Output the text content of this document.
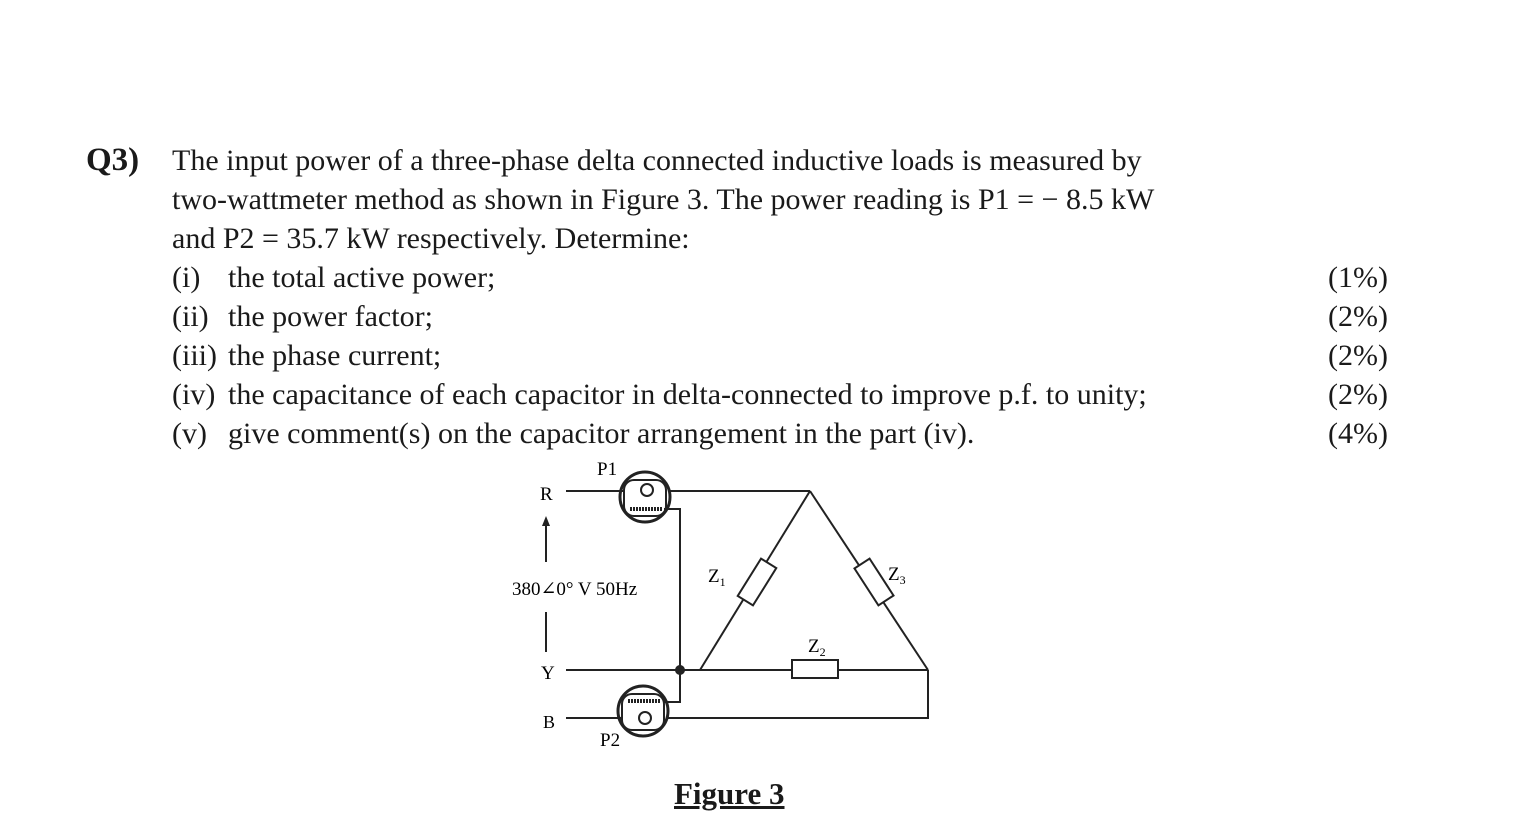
Q3) The input power of a three-phase delta connected inductive loads is measured by
two-wattmeter method as shown in Figure 3. The power reading is P1 = − 8.5 kW
and P2 = 35.7 kW respectively. Determine:
(i) the total active power;	(1%)
(ii) the power factor;	(2%)
(iii) the phase current;	(2%)
(iv) the capacitance of each capacitor in delta-connected to improve p.f. to unity;	(2%)
(v) give comment(s) on the capacitor arrangement in the part (iv).	(4%)
P1
P2
R
Y
B
380∠0° V 50Hz
$Z_1$
$Z_2$
$Z_3$
Figure 3
